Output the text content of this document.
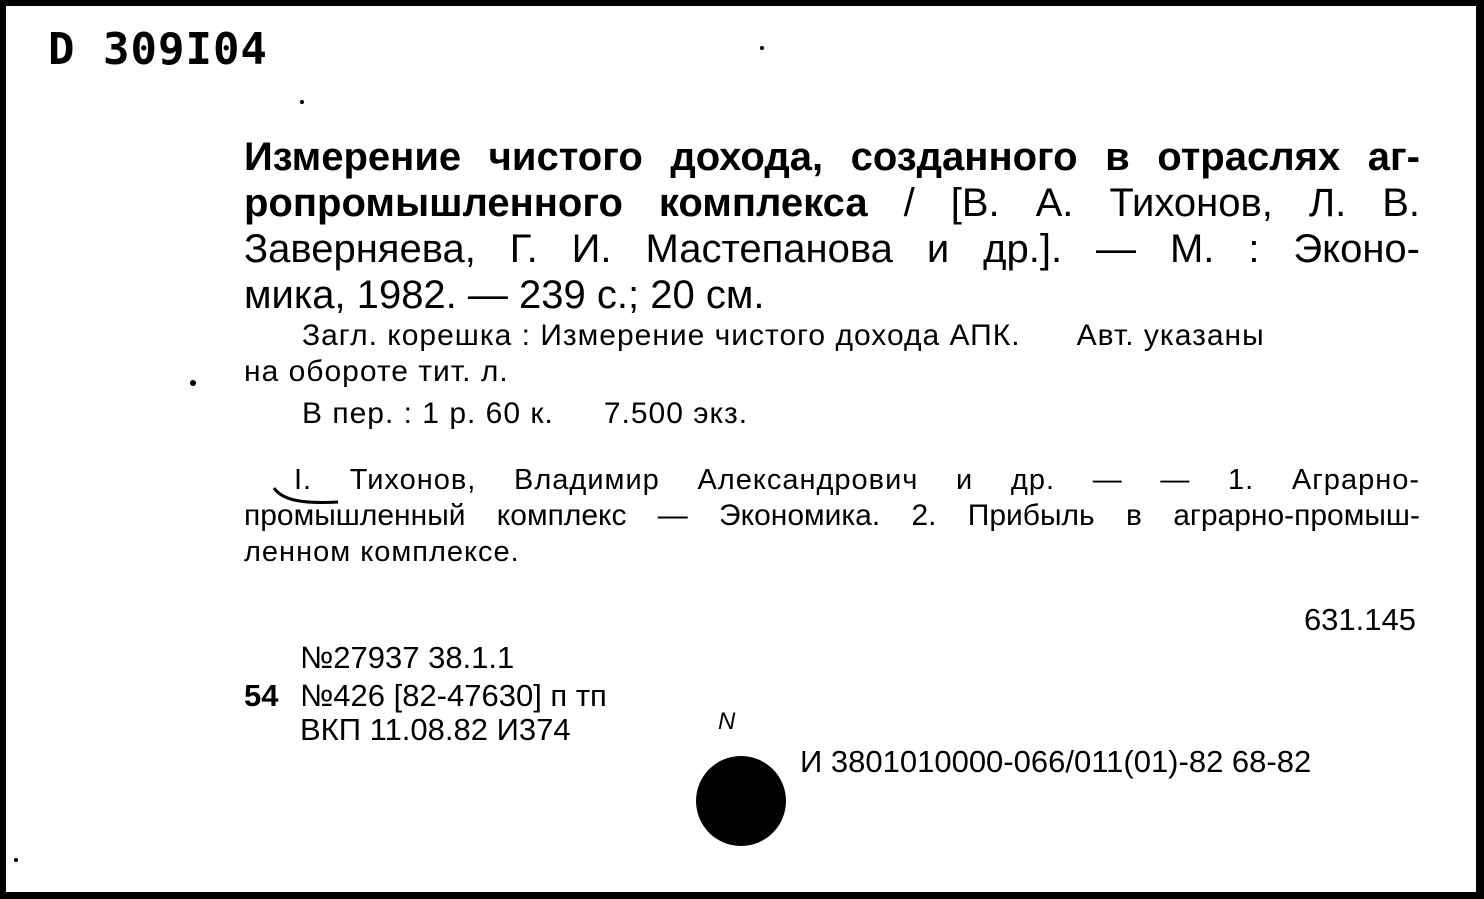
D 309I04
Измерение чистого дохода, созданного в отраслях аг-
ропромышленного комплекса / [В. А. Тихонов, Л. В.
Заверняева, Г. И. Мастепанова и др.]. — М. : Эконо-
мика, 1982. — 239 с.; 20 см.
Загл. корешка : Измерение чистого дохода АПК. Авт. указаны
на обороте тит. л.
В пер. : 1 р. 60 к. 7.500 экз.
I. Тихонов, Владимир Александрович и др. — — 1. Аграрно-
промышленный комплекс — Экономика. 2. Прибыль в аграрно-промыш-
ленном комплексе.
631.145
№27937 38.1.1
54 №426 [82-47630] п тп
ВКП 11.08.82 И374	N
И 3801010000-066/011(01)-82 68-82
